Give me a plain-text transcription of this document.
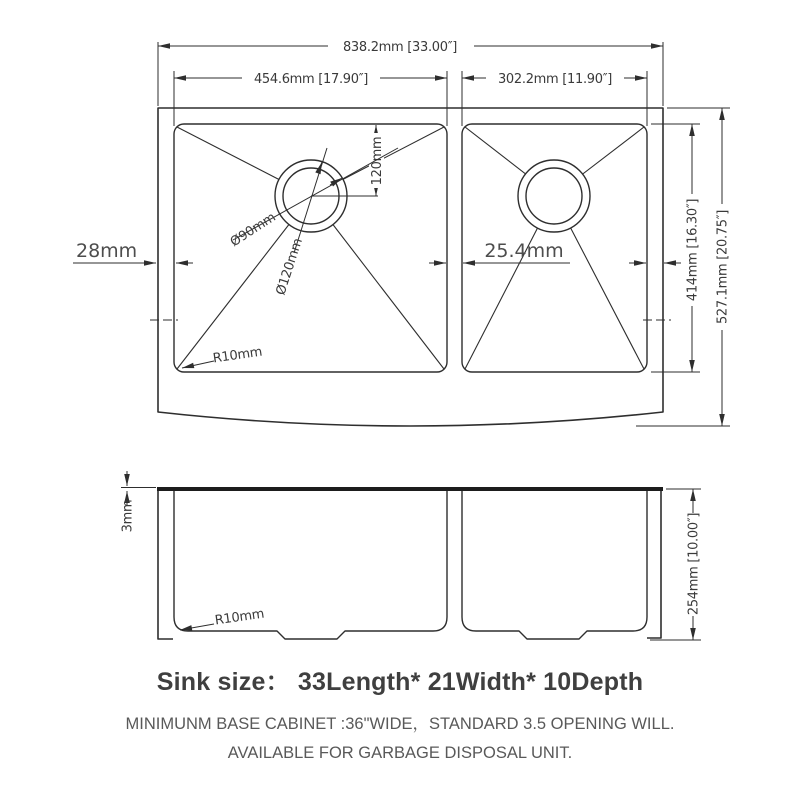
838.2mm [33.00″]
454.6mm [17.90″]	302.2mm [11.90″]
28mm	25.4mm
120mm
Ø90mm
Ø120mm
R10mm
414mm [16.30″] 527.1mm [20.75″]
3mm
R10mm
254mm [10.00″]
Sink size： 33Length* 21Width* 10Depth

MINIMUNM BASE CABINET :36"WIDE，STANDARD 3.5 OPENING WILL.

AVAILABLE FOR GARBAGE DISPOSAL UNIT.
